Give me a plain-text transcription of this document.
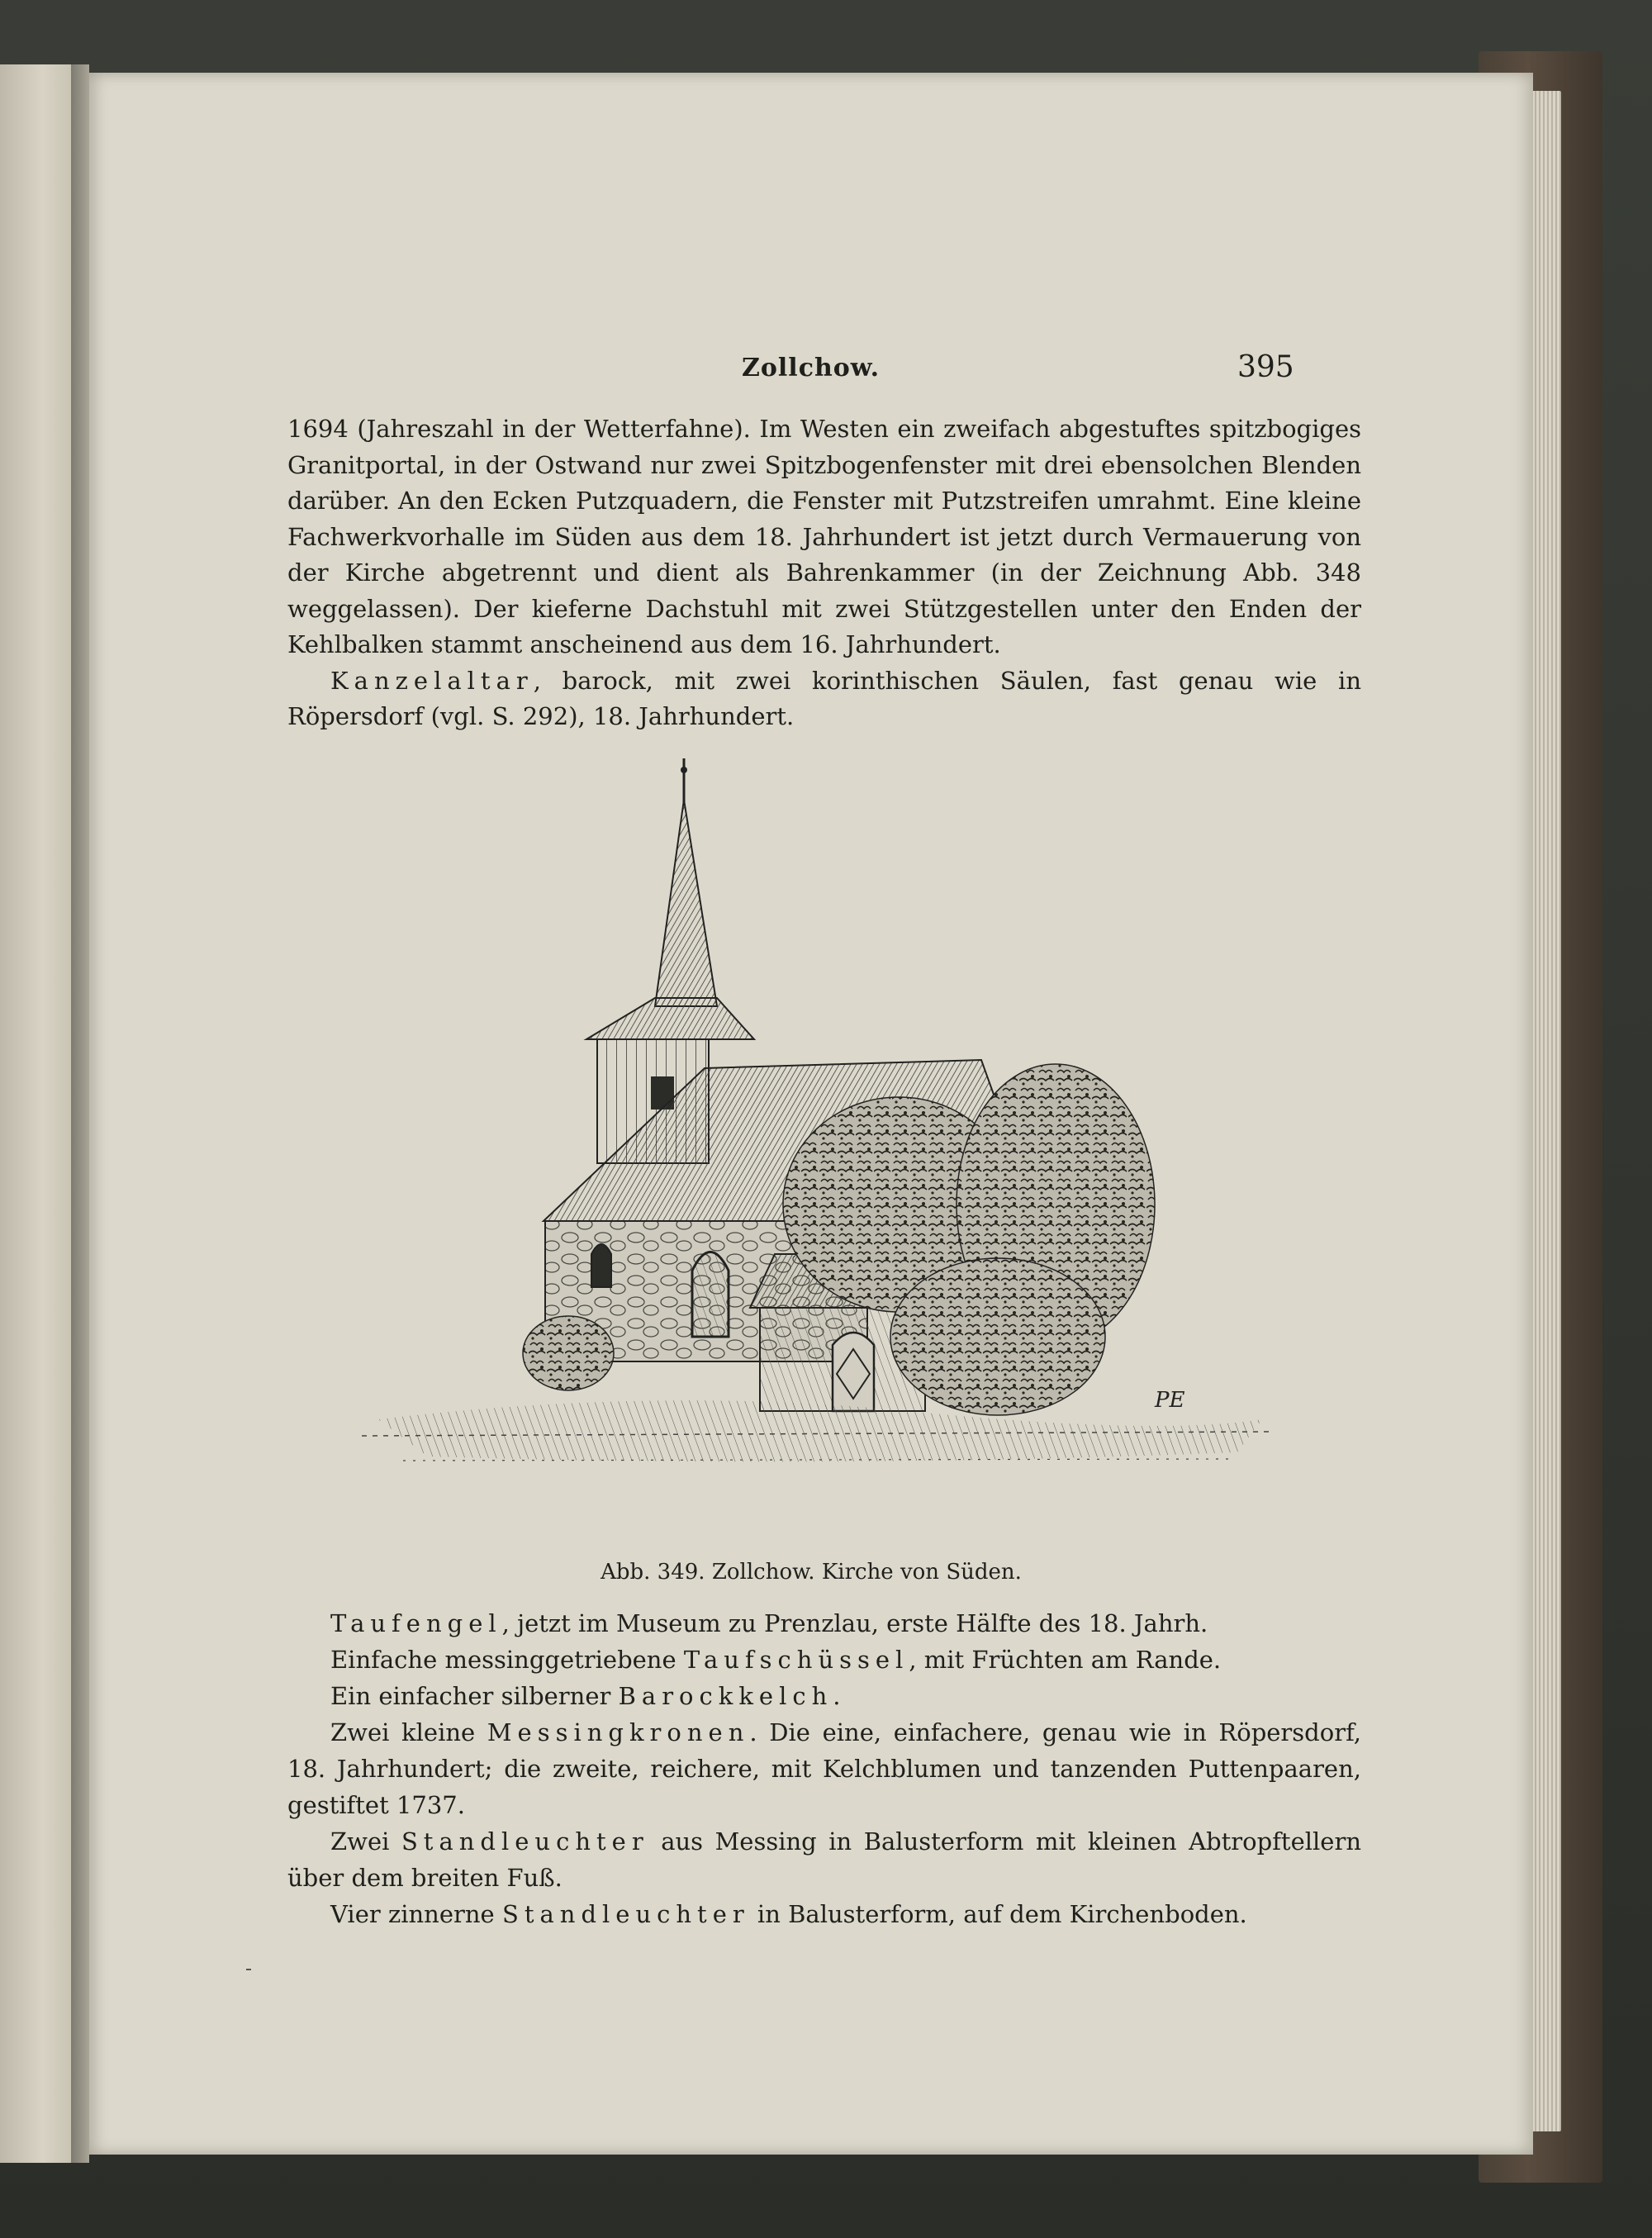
Zollchow.	395

1694 (Jahreszahl in der Wetterfahne). Im Westen ein zweifach abgestuftes spitzbogiges Granitportal, in der Ostwand nur zwei Spitzbogenfenster mit drei ebensolchen Blenden darüber. An den Ecken Putzquadern, die Fenster mit Putzstreifen umrahmt. Eine kleine Fachwerkvorhalle im Süden aus dem 18. Jahrhundert ist jetzt durch Vermauerung von der Kirche abgetrennt und dient als Bahrenkammer (in der Zeichnung Abb. 348 weggelassen). Der kieferne Dachstuhl mit zwei Stützgestellen unter den Enden der Kehlbalken stammt anscheinend aus dem 16. Jahrhundert.

Kanzelaltar, barock, mit zwei korinthischen Säulen, fast genau wie in Röpersdorf (vgl. S. 292), 18. Jahrhundert.

PE
Abb. 349. Zollchow. Kirche von Süden.

Taufengel, jetzt im Museum zu Prenzlau, erste Hälfte des 18. Jahrh.

Einfache messinggetriebene Taufschüssel, mit Früchten am Rande.

Ein einfacher silberner Barockkelch.

Zwei kleine Messingkronen. Die eine, einfachere, genau wie in Röpersdorf, 18. Jahrhundert; die zweite, reichere, mit Kelchblumen und tanzenden Puttenpaaren, gestiftet 1737.

Zwei Standleuchter aus Messing in Balusterform mit kleinen Abtropftellern über dem breiten Fuß.

Vier zinnerne Standleuchter in Balusterform, auf dem Kirchenboden.
